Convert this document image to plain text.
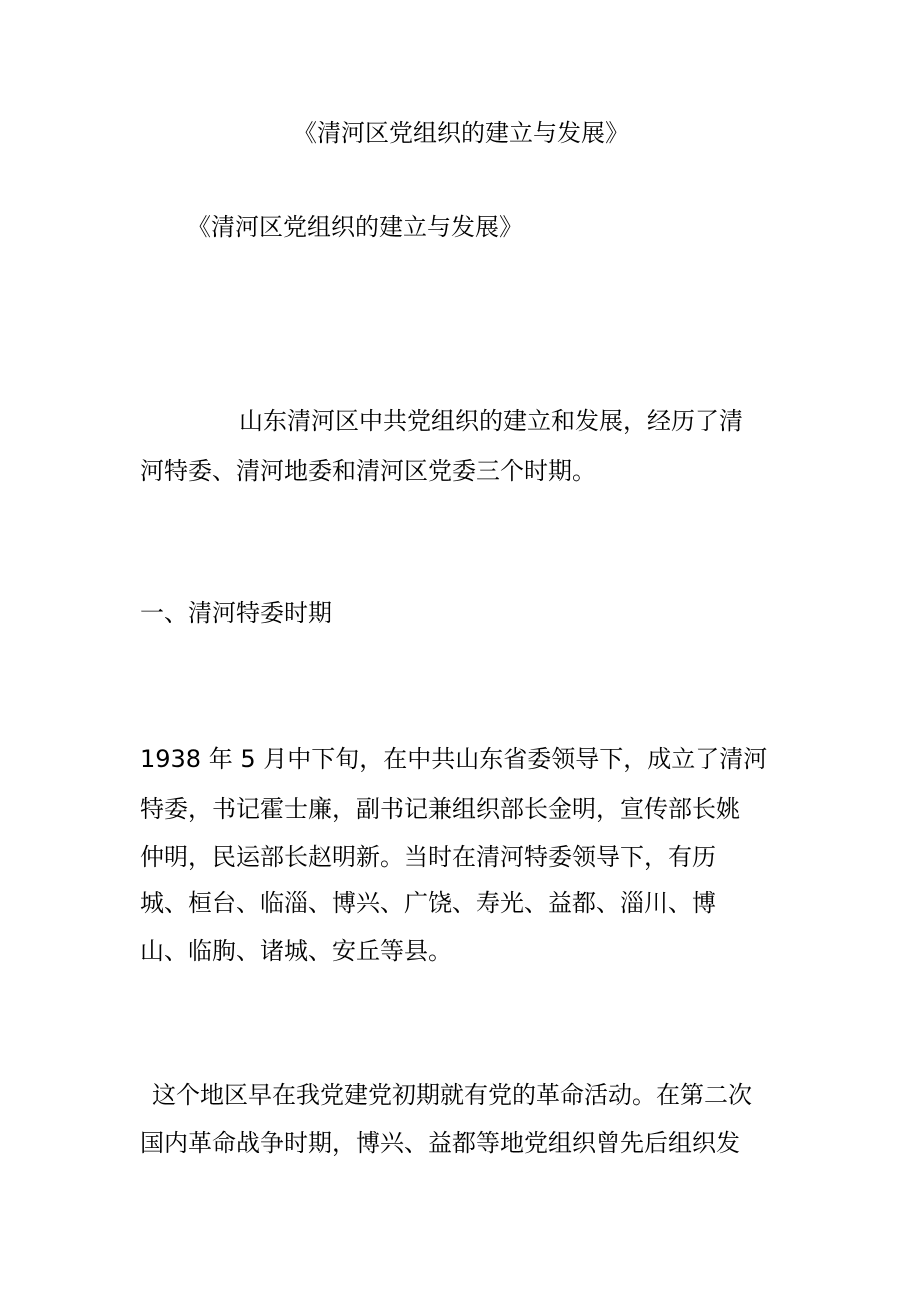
《清河区党组织的建立与发展》
《清河区党组织的建立与发展》

山东清河区中共党组织的建立和发展，经历了清

河特委、清河地委和清河区党委三个时期。

一、清河特委时期

1938 年 5 月中下旬，在中共山东省委领导下，成立了清河

特委，书记霍士廉，副书记兼组织部长金明，宣传部长姚

仲明，民运部长赵明新。当时在清河特委领导下，有历

城、桓台、临淄、博兴、广饶、寿光、益都、淄川、博

山、临朐、诸城、安丘等县。

这个地区早在我党建党初期就有党的革命活动。在第二次

国内革命战争时期，博兴、益都等地党组织曾先后组织发
